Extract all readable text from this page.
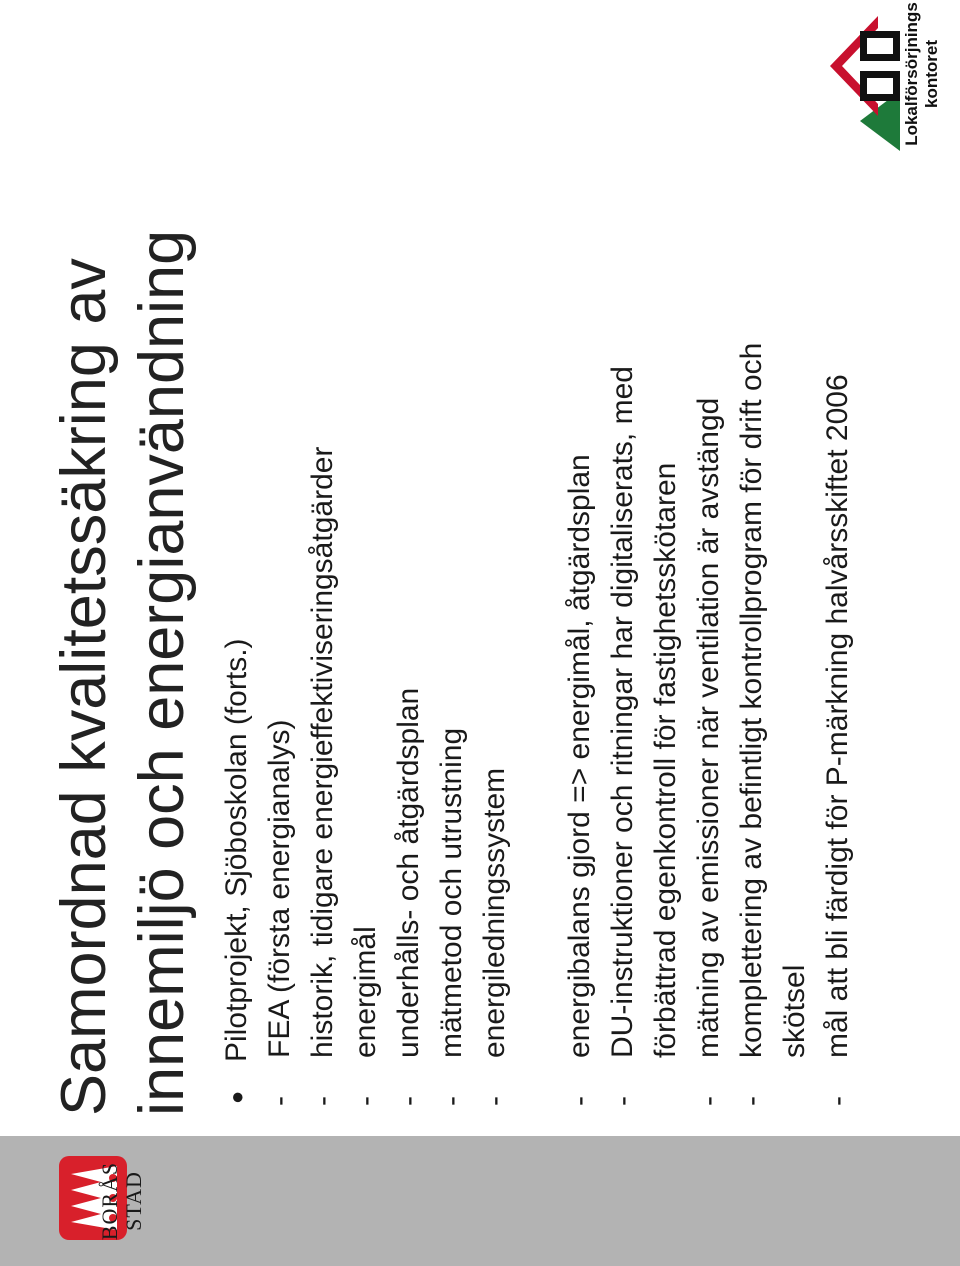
BORÅS STAD
Samordnad kvalitetssäkring av innemiljö och energianvändning	●
Pilotprojekt, Sjöboskolan (forts.)
-
FEA (första energianalys)
-
historik, tidigare energieffektiviseringsåtgärder
-
energimål
-
underhålls- och åtgärdsplan
-
mätmetod och utrustning
-
energiledningssystem
-
energibalans gjord => energimål, åtgärdsplan
-
DU-instruktioner och ritningar har digitaliserats, med förbättrad egenkontroll för fastighetsskötaren
-
mätning av emissioner när ventilation är avstängd
-
komplettering av befintligt kontrollprogram för drift och skötsel
-
mål att bli färdigt för P-märkning halvårsskiftet 2006
Lokalförsörjnings kontoret
